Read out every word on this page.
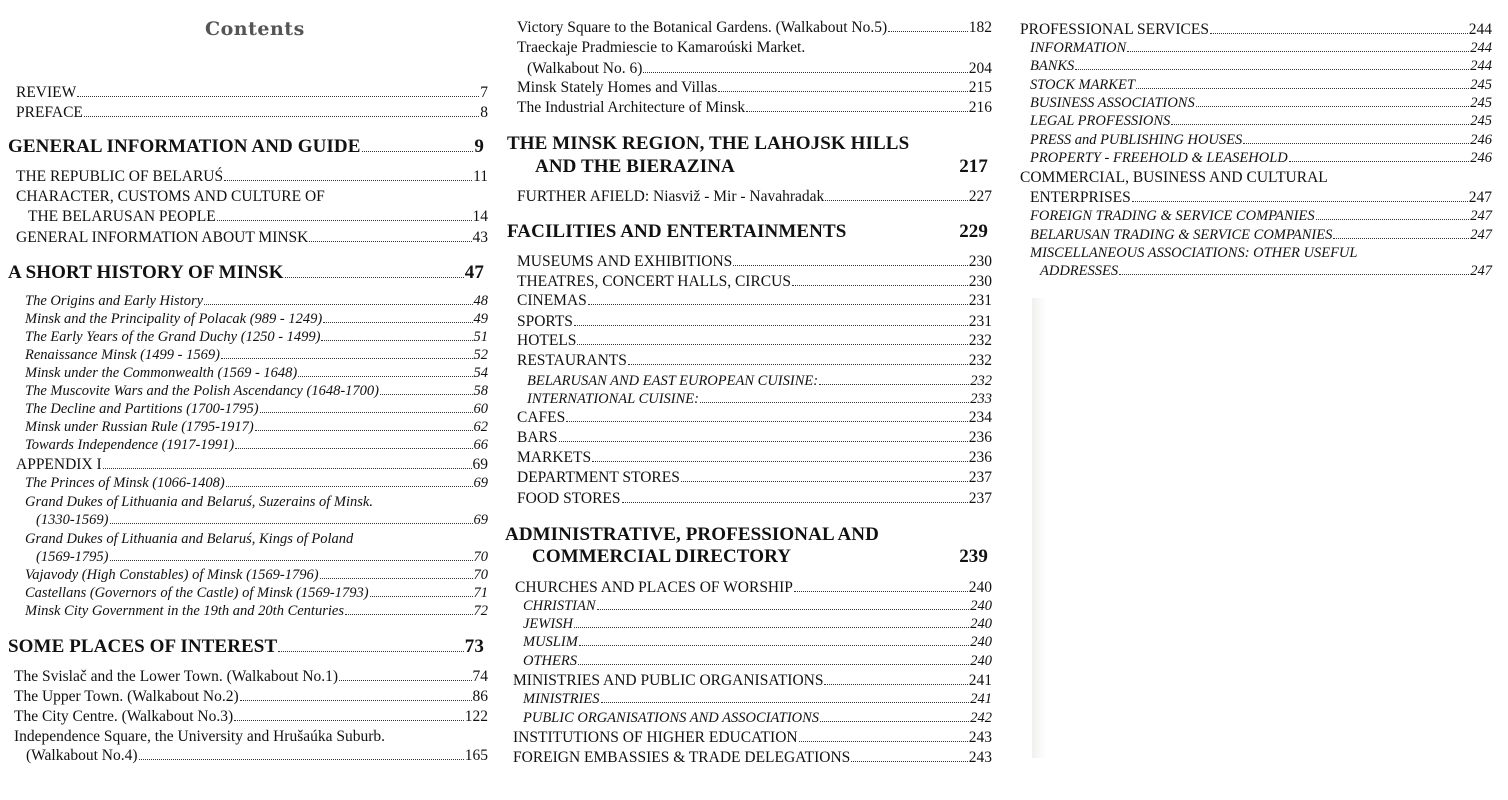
Contents
REVIEW	7
PREFACE	8
GENERAL INFORMATION AND GUIDE	9
THE REPUBLIC OF BELARUŚ	11
CHARACTER, CUSTOMS AND CULTURE OF
THE BELARUSAN PEOPLE	14
GENERAL INFORMATION ABOUT MINSK	43
A SHORT HISTORY OF MINSK	47
The Origins and Early History	48
Minsk and the Principality of Polacak (989 - 1249)	49
The Early Years of the Grand Duchy (1250 - 1499)	51
Renaissance Minsk (1499 - 1569)	52
Minsk under the Commonwealth (1569 - 1648)	54
The Muscovite Wars and the Polish Ascendancy (1648-1700)	58
The Decline and Partitions (1700-1795)	60
Minsk under Russian Rule (1795-1917)	62
Towards Independence (1917-1991)	66
APPENDIX I	69
The Princes of Minsk (1066-1408)	69
Grand Dukes of Lithuania and Belaruś, Suzerains of Minsk.
(1330-1569)	69
Grand Dukes of Lithuania and Belaruś, Kings of Poland
(1569-1795)	70
Vajavody (High Constables) of Minsk (1569-1796)	70
Castellans (Governors of the Castle) of Minsk (1569-1793)	71
Minsk City Government in the 19th and 20th Centuries	72
SOME PLACES OF INTEREST	73
The Svislač and the Lower Town. (Walkabout No.1)	74
The Upper Town. (Walkabout No.2)	86
The City Centre. (Walkabout No.3)	122
Independence Square, the University and Hrušaúka Suburb.
(Walkabout No.4)	165
Victory Square to the Botanical Gardens. (Walkabout No.5)	182
Traeckaje Pradmiescie to Kamaroúski Market.
(Walkabout No. 6)	204
Minsk Stately Homes and Villas	215
The Industrial Architecture of Minsk	216
THE MINSK REGION, THE LAHOJSK HILLS
AND THE BIERAZINA	217
FURTHER AFIELD: Niasviž - Mir - Navahradak	227
FACILITIES AND ENTERTAINMENTS	229
MUSEUMS AND EXHIBITIONS	230
THEATRES, CONCERT HALLS, CIRCUS	230
CINEMAS	231
SPORTS	231
HOTELS	232
RESTAURANTS	232
BELARUSAN AND EAST EUROPEAN CUISINE:	232
INTERNATIONAL CUISINE:	233
CAFES	234
BARS	236
MARKETS	236
DEPARTMENT STORES	237
FOOD STORES	237
ADMINISTRATIVE, PROFESSIONAL AND
COMMERCIAL DIRECTORY	239
CHURCHES AND PLACES OF WORSHIP	240
CHRISTIAN	240
JEWISH	240
MUSLIM	240
OTHERS	240
MINISTRIES AND PUBLIC ORGANISATIONS	241
MINISTRIES	241
PUBLIC ORGANISATIONS AND ASSOCIATIONS	242
INSTITUTIONS OF HIGHER EDUCATION	243
FOREIGN EMBASSIES & TRADE DELEGATIONS	243
PROFESSIONAL SERVICES	244
INFORMATION	244
BANKS	244
STOCK MARKET	245
BUSINESS ASSOCIATIONS	245
LEGAL PROFESSIONS	245
PRESS and PUBLISHING HOUSES	246
PROPERTY - FREEHOLD & LEASEHOLD	246
COMMERCIAL, BUSINESS AND CULTURAL
ENTERPRISES	247
FOREIGN TRADING & SERVICE COMPANIES	247
BELARUSAN TRADING & SERVICE COMPANIES	247
MISCELLANEOUS ASSOCIATIONS: OTHER USEFUL
ADDRESSES	247
